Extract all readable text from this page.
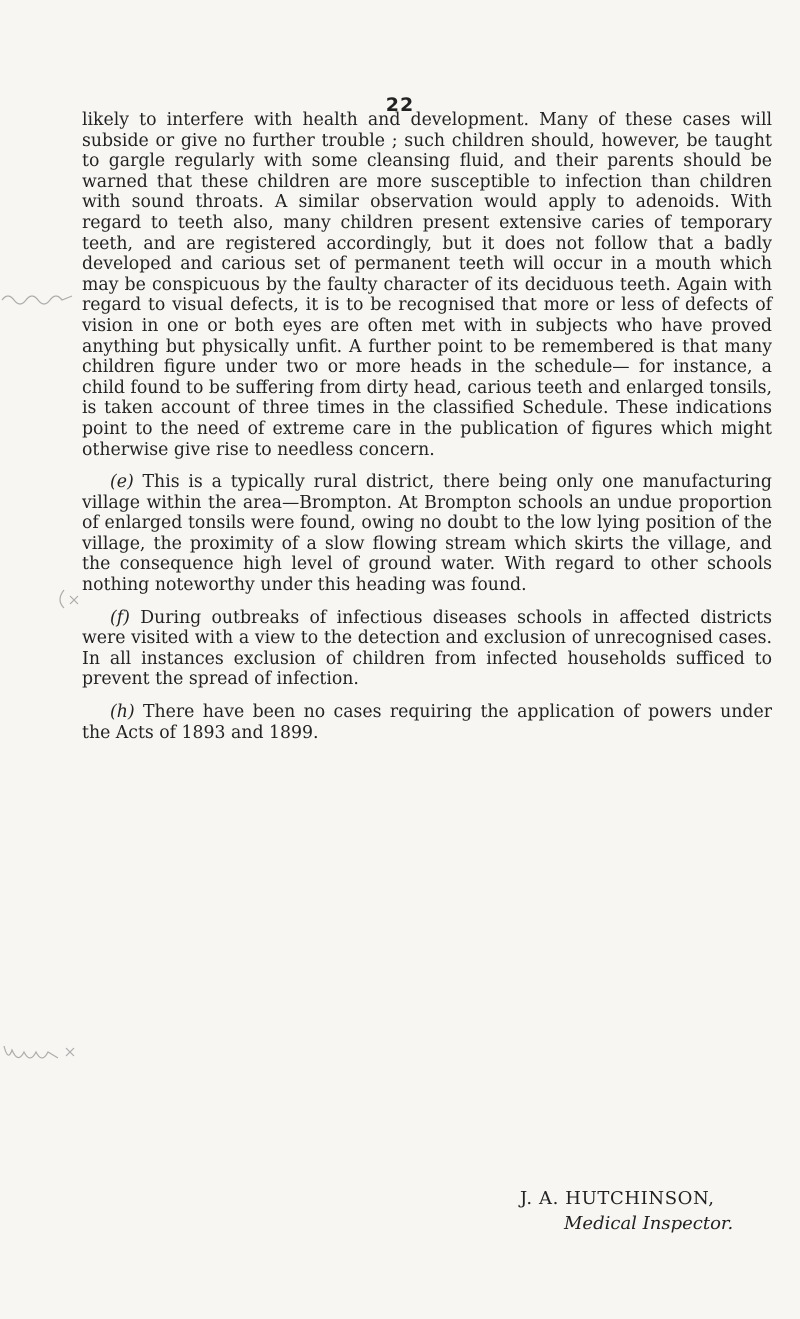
22

likely to interfere with health and development. Many of these cases will subside or give no further trouble ; such children should, however, be taught to gargle regularly with some cleansing fluid, and their parents should be warned that these children are more susceptible to infection than children with sound throats. A similar observation would apply to adenoids. With regard to teeth also, many children present extensive caries of temporary teeth, and are registered accordingly, but it does not follow that a badly developed and carious set of permanent teeth will occur in a mouth which may be conspicuous by the faulty character of its deciduous teeth. Again with regard to visual defects, it is to be recognised that more or less of defects of vision in one or both eyes are often met with in subjects who have proved anything but physically unfit. A further point to be remembered is that many children figure under two or more heads in the schedule— for instance, a child found to be suffering from dirty head, carious teeth and enlarged tonsils, is taken account of three times in the classified Schedule. These indications point to the need of extreme care in the publication of figures which might otherwise give rise to needless concern.

(e) This is a typically rural district, there being only one manufacturing village within the area—Brompton. At Brompton schools an undue proportion of enlarged tonsils were found, owing no doubt to the low lying position of the village, the proximity of a slow flowing stream which skirts the village, and the consequence high level of ground water. With regard to other schools nothing noteworthy under this heading was found.

(f) During outbreaks of infectious diseases schools in affected districts were visited with a view to the detection and exclusion of unrecognised cases. In all instances exclusion of children from infected households sufficed to prevent the spread of infection.

(h) There have been no cases requiring the application of powers under the Acts of 1893 and 1899.

J. A. HUTCHINSON,
Medical Inspector.
